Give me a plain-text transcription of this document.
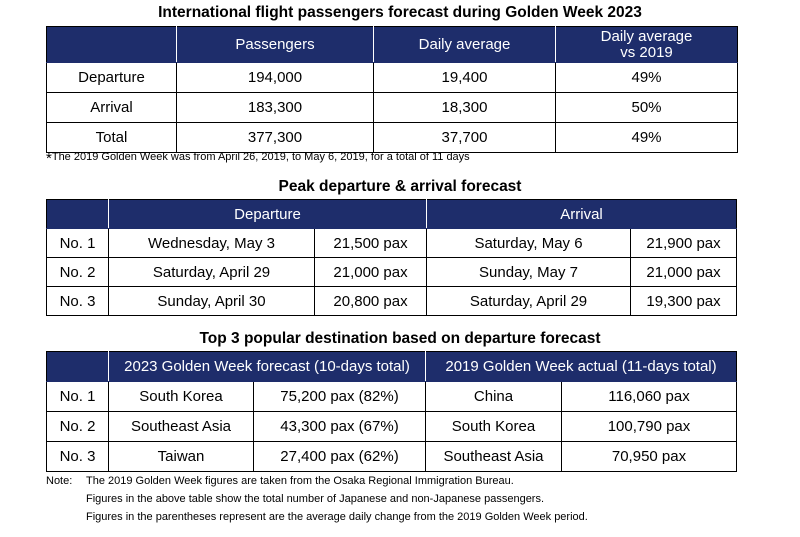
International flight passengers forecast during Golden Week 2023
	Passengers	Daily average	Daily average
vs 2019

Departure	194,000	19,400	49%
Arrival	183,300	18,300	50%
Total	377,300	37,700	49%
*The 2019 Golden Week was from April 26, 2019, to May 6, 2019, for a total of 11 days
Peak departure & arrival forecast
	Departure		Arrival	
No. 1	Wednesday, May 3	21,500 pax	Saturday, May 6	21,900 pax
No. 2	Saturday, April 29	21,000 pax	Sunday, May 7	21,000 pax
No. 3	Sunday, April 30	20,800 pax	Saturday, April 29	19,300 pax
Top 3 popular destination based on departure forecast
	2023 Golden Week forecast (10-days total)		2019 Golden Week actual (11-days total)	
No. 1	South Korea	75,200 pax (82%)	China	116,060 pax
No. 2	Southeast Asia	43,300 pax (67%)	South Korea	100,790 pax
No. 3	Taiwan	27,400 pax (62%)	Southeast Asia	70,950 pax
Note: The 2019 Golden Week figures are taken from the Osaka Regional Immigration Bureau.
Figures in the above table show the total number of Japanese and non-Japanese passengers.
Figures in the parentheses represent are the average daily change from the 2019 Golden Week period.
